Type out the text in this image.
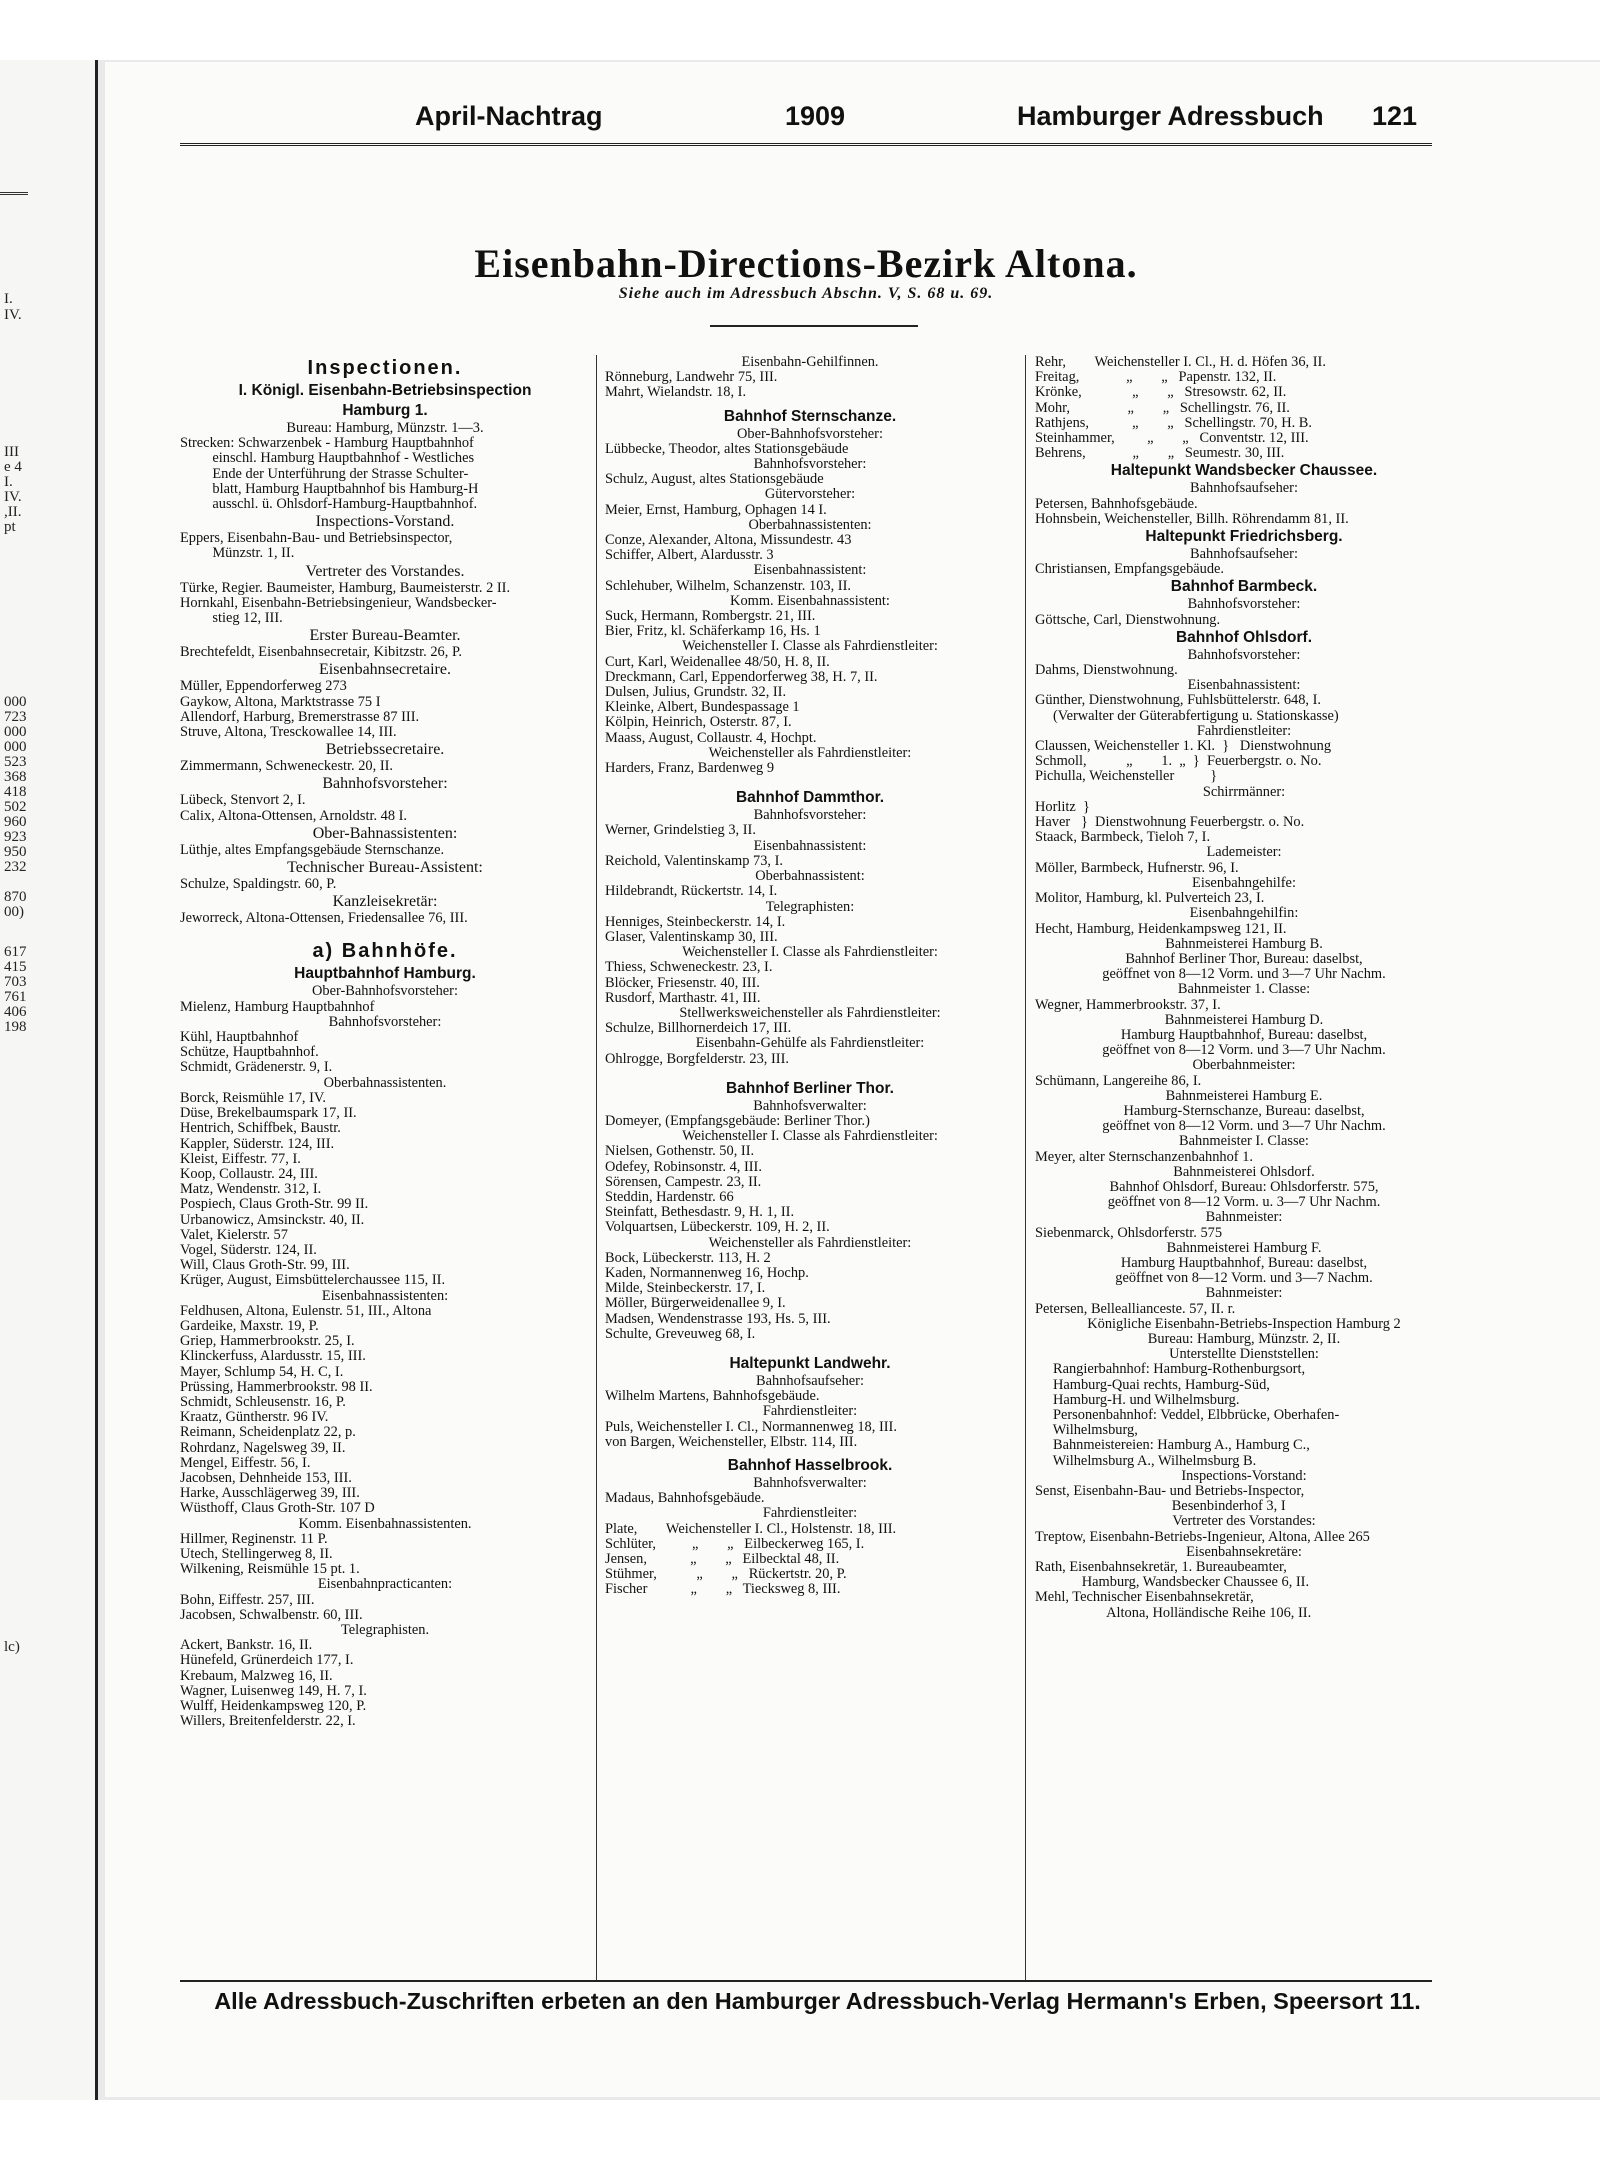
I.
IV.
III
e 4
I.
IV.
,II.
pt
000
723
000
000
523
368
418
502
960
923
950
232
870
00)
617
415
703
761
406
198
lc)
April-Nachtrag	1909	Hamburger Adressbuch 121
Eisenbahn-Directions-Bezirk Altona.
Siehe auch im Adressbuch Abschn. V, S. 68 u. 69.
Inspectionen.
I. Königl. Eisenbahn-Betriebsinspection
Hamburg 1.
Bureau: Hamburg, Münzstr. 1—3.
Strecken: Schwarzenbek - Hamburg Hauptbahnhof
einschl. Hamburg Hauptbahnhof - Westliches
Ende der Unterführung der Strasse Schulter-
blatt, Hamburg Hauptbahnhof bis Hamburg-H
ausschl. ü. Ohlsdorf-Hamburg-Hauptbahnhof.
Inspections-Vorstand.
Eppers, Eisenbahn-Bau- und Betriebsinspector,
Münzstr. 1, II.
Vertreter des Vorstandes.
Türke, Regier. Baumeister, Hamburg, Baumeisterstr. 2 II.
Hornkahl, Eisenbahn-Betriebsingenieur, Wandsbecker-
stieg 12, III.
Erster Bureau-Beamter.
Brechtefeldt, Eisenbahnsecretair, Kibitzstr. 26, P.
Eisenbahnsecretaire.
Müller, Eppendorferweg 273
Gaykow, Altona, Marktstrasse 75 I
Allendorf, Harburg, Bremerstrasse 87 III.
Struve, Altona, Tresckowallee 14, III.
Betriebssecretaire.
Zimmermann, Schweneckestr. 20, II.
Bahnhofsvorsteher:
Lübeck, Stenvort 2, I.
Calix, Altona-Ottensen, Arnoldstr. 48 I.
Ober-Bahnassistenten:
Lüthje, altes Empfangsgebäude Sternschanze.
Technischer Bureau-Assistent:
Schulze, Spaldingstr. 60, P.
Kanzleisekretär:
Jeworreck, Altona-Ottensen, Friedensallee 76, III.
a) Bahnhöfe.
Hauptbahnhof Hamburg.
Ober-Bahnhofsvorsteher:
Mielenz, Hamburg Hauptbahnhof
Bahnhofsvorsteher:
Kühl, Hauptbahnhof
Schütze, Hauptbahnhof.
Schmidt, Grädenerstr. 9, I.
Oberbahnassistenten.
Borck, Reismühle 17, IV.
Düse, Brekelbaumspark 17, II.
Hentrich, Schiffbek, Baustr.
Kappler, Süderstr. 124, III.
Kleist, Eiffestr. 77, I.
Koop, Collaustr. 24, III.
Matz, Wendenstr. 312, I.
Pospiech, Claus Groth-Str. 99 II.
Urbanowicz, Amsinckstr. 40, II.
Valet, Kielerstr. 57
Vogel, Süderstr. 124, II.
Will, Claus Groth-Str. 99, III.
Krüger, August, Eimsbüttelerchaussee 115, II.
Eisenbahnassistenten:
Feldhusen, Altona, Eulenstr. 51, III., Altona
Gardeike, Maxstr. 19, P.
Griep, Hammerbrookstr. 25, I.
Klinckerfuss, Alardusstr. 15, III.
Mayer, Schlump 54, H. C, I.
Prüssing, Hammerbrookstr. 98 II.
Schmidt, Schleusenstr. 16, P.
Kraatz, Güntherstr. 96 IV.
Reimann, Scheidenplatz 22, p.
Rohrdanz, Nagelsweg 39, II.
Mengel, Eiffestr. 56, I.
Jacobsen, Dehnheide 153, III.
Harke, Ausschlägerweg 39, III.
Wüsthoff, Claus Groth-Str. 107 D
Komm. Eisenbahnassistenten.
Hillmer, Reginenstr. 11 P.
Utech, Stellingerweg 8, II.
Wilkening, Reismühle 15 pt. 1.
Eisenbahnpracticanten:
Bohn, Eiffestr. 257, III.
Jacobsen, Schwalbenstr. 60, III.
Telegraphisten.
Ackert, Bankstr. 16, II.
Hünefeld, Grünerdeich 177, I.
Krebaum, Malzweg 16, II.
Wagner, Luisenweg 149, H. 7, I.
Wulff, Heidenkampsweg 120, P.
Willers, Breitenfelderstr. 22, I.
Eisenbahn-Gehilfinnen.
Rönneburg, Landwehr 75, III.
Mahrt, Wielandstr. 18, I.
Bahnhof Sternschanze.
Ober-Bahnhofsvorsteher:
Lübbecke, Theodor, altes Stationsgebäude
Bahnhofsvorsteher:
Schulz, August, altes Stationsgebäude
Gütervorsteher:
Meier, Ernst, Hamburg, Ophagen 14 I.
Oberbahnassistenten:
Conze, Alexander, Altona, Missundestr. 43
Schiffer, Albert, Alardusstr. 3
Eisenbahnassistent:
Schlehuber, Wilhelm, Schanzenstr. 103, II.
Komm. Eisenbahnassistent:
Suck, Hermann, Rombergstr. 21, III.
Bier, Fritz, kl. Schäferkamp 16, Hs. 1
Weichensteller I. Classe als Fahrdienstleiter:
Curt, Karl, Weidenallee 48/50, H. 8, II.
Dreckmann, Carl, Eppendorferweg 38, H. 7, II.
Dulsen, Julius, Grundstr. 32, II.
Kleinke, Albert, Bundespassage 1
Kölpin, Heinrich, Osterstr. 87, I.
Maass, August, Collaustr. 4, Hochpt.
Weichensteller als Fahrdienstleiter:
Harders, Franz, Bardenweg 9
Bahnhof Dammthor.
Bahnhofsvorsteher:
Werner, Grindelstieg 3, II.
Eisenbahnassistent:
Reichold, Valentinskamp 73, I.
Oberbahnassistent:
Hildebrandt, Rückertstr. 14, I.
Telegraphisten:
Henniges, Steinbeckerstr. 14, I.
Glaser, Valentinskamp 30, III.
Weichensteller I. Classe als Fahrdienstleiter:
Thiess, Schweneckestr. 23, I.
Blöcker, Friesenstr. 40, III.
Rusdorf, Marthastr. 41, III.
Stellwerksweichensteller als Fahrdienstleiter:
Schulze, Billhornerdeich 17, III.
Eisenbahn-Gehülfe als Fahrdienstleiter:
Ohlrogge, Borgfelderstr. 23, III.
Bahnhof Berliner Thor.
Bahnhofsverwalter:
Domeyer, (Empfangsgebäude: Berliner Thor.)
Weichensteller I. Classe als Fahrdienstleiter:
Nielsen, Gothenstr. 50, II.
Odefey, Robinsonstr. 4, III.
Sörensen, Campestr. 23, II.
Steddin, Hardenstr. 66
Steinfatt, Bethesdastr. 9, H. 1, II.
Volquartsen, Lübeckerstr. 109, H. 2, II.
Weichensteller als Fahrdienstleiter:
Bock, Lübeckerstr. 113, H. 2
Kaden, Normannenweg 16, Hochp.
Milde, Steinbeckerstr. 17, I.
Möller, Bürgerweidenallee 9, I.
Madsen, Wendenstrasse 193, Hs. 5, III.
Schulte, Greveuweg 68, I.
Haltepunkt Landwehr.
Bahnhofsaufseher:
Wilhelm Martens, Bahnhofsgebäude.
Fahrdienstleiter:
Puls, Weichensteller I. Cl., Normannenweg 18, III.
von Bargen, Weichensteller, Elbstr. 114, III.
Bahnhof Hasselbrook.
Bahnhofsverwalter:
Madaus, Bahnhofsgebäude.
Fahrdienstleiter:
Plate,        Weichensteller I. Cl., Holstenstr. 18, III.
Schlüter,          „        „   Eilbeckerweg 165, I.
Jensen,            „        „   Eilbecktal 48, II.
Stühmer,           „        „   Rückertstr. 20, P.
Fischer            „        „   Tiecksweg 8, III.
Rehr,        Weichensteller I. Cl., H. d. Höfen 36, II.
Freitag,             „        „   Papenstr. 132, II.
Krönke,              „        „   Stresowstr. 62, II.
Mohr,                „        „   Schellingstr. 76, II.
Rathjens,            „        „   Schellingstr. 70, H. B.
Steinhammer,         „        „   Conventstr. 12, III.
Behrens,             „        „   Seumestr. 30, III.
Haltepunkt Wandsbecker Chaussee.
Bahnhofsaufseher:
Petersen, Bahnhofsgebäude.
Hohnsbein, Weichensteller, Billh. Röhrendamm 81, II.
Haltepunkt Friedrichsberg.
Bahnhofsaufseher:
Christiansen, Empfangsgebäude.
Bahnhof Barmbeck.
Bahnhofsvorsteher:
Göttsche, Carl, Dienstwohnung.
Bahnhof Ohlsdorf.
Bahnhofsvorsteher:
Dahms, Dienstwohnung.
Eisenbahnassistent:
Günther, Dienstwohnung, Fuhlsbüttelerstr. 648, I.
(Verwalter der Güterabfertigung u. Stationskasse)
Fahrdienstleiter:
Claussen, Weichensteller 1. Kl.  }   Dienstwohnung
Schmoll,           „        1.  „  }  Feuerbergstr. o. No.
Pichulla, Weichensteller          }
Schirrmänner:
Horlitz  }
Haver   }  Dienstwohnung Feuerbergstr. o. No.
Staack, Barmbeck, Tieloh 7, I.
Lademeister:
Möller, Barmbeck, Hufnerstr. 96, I.
Eisenbahngehilfe:
Molitor, Hamburg, kl. Pulverteich 23, I.
Eisenbahngehilfin:
Hecht, Hamburg, Heidenkampsweg 121, II.
Bahnmeisterei Hamburg B.
Bahnhof Berliner Thor, Bureau: daselbst,
geöffnet von 8—12 Vorm. und 3—7 Uhr Nachm.
Bahnmeister 1. Classe:
Wegner, Hammerbrookstr. 37, I.
Bahnmeisterei Hamburg D.
Hamburg Hauptbahnhof, Bureau: daselbst,
geöffnet von 8—12 Vorm. und 3—7 Uhr Nachm.
Oberbahnmeister:
Schümann, Langereihe 86, I.
Bahnmeisterei Hamburg E.
Hamburg-Sternschanze, Bureau: daselbst,
geöffnet von 8—12 Vorm. und 3—7 Uhr Nachm.
Bahnmeister I. Classe:
Meyer, alter Sternschanzenbahnhof 1.
Bahnmeisterei Ohlsdorf.
Bahnhof Ohlsdorf, Bureau: Ohlsdorferstr. 575,
geöffnet von 8—12 Vorm. u. 3—7 Uhr Nachm.
Bahnmeister:
Siebenmarck, Ohlsdorferstr. 575
Bahnmeisterei Hamburg F.
Hamburg Hauptbahnhof, Bureau: daselbst,
geöffnet von 8—12 Vorm. und 3—7 Nachm.
Bahnmeister:
Petersen, Belleallianceste. 57, II. r.
Königliche Eisenbahn-Betriebs-Inspection Hamburg 2
Bureau: Hamburg, Münzstr. 2, II.
Unterstellte Dienststellen:
Rangierbahnhof: Hamburg-Rothenburgsort,
Hamburg-Quai rechts, Hamburg-Süd,
Hamburg-H. und Wilhelmsburg.
Personenbahnhof: Veddel, Elbbrücke, Oberhafen-
Wilhelmsburg,
Bahnmeistereien: Hamburg A., Hamburg C.,
Wilhelmsburg A., Wilhelmsburg B.
Inspections-Vorstand:
Senst, Eisenbahn-Bau- und Betriebs-Inspector,
Besenbinderhof 3, I
Vertreter des Vorstandes:
Treptow, Eisenbahn-Betriebs-Ingenieur, Altona, Allee 265
Eisenbahnsekretäre:
Rath, Eisenbahnsekretär, 1. Bureaubeamter,
Hamburg, Wandsbecker Chaussee 6, II.
Mehl, Technischer Eisenbahnsekretär,
Altona, Holländische Reihe 106, II.
Alle Adressbuch-Zuschriften erbeten an den Hamburger Adressbuch-Verlag Hermann's Erben, Speersort 11.
